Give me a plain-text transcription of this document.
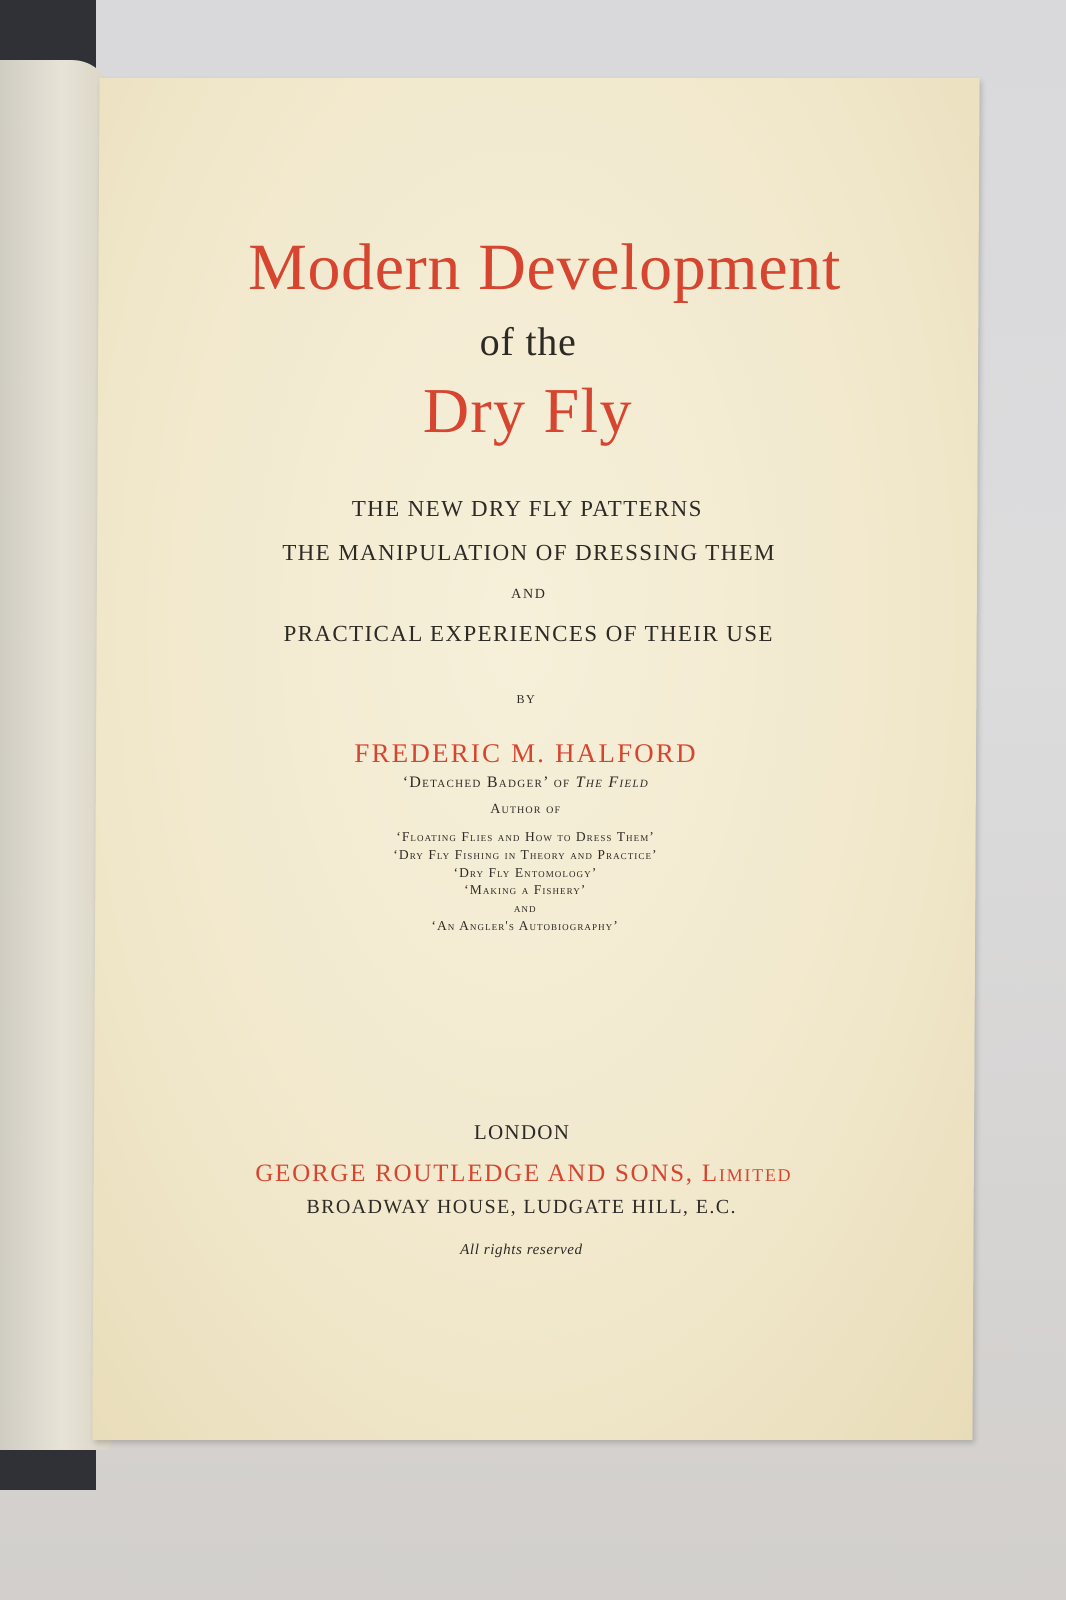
Modern Development
of the
Dry Fly
THE NEW DRY FLY PATTERNS
THE MANIPULATION OF DRESSING THEM
AND
PRACTICAL EXPERIENCES OF THEIR USE
BY
FREDERIC M. HALFORD
‘Detached Badger’ of The Field
Author of
‘Floating Flies and How to Dress Them’
‘Dry Fly Fishing in Theory and Practice’
‘Dry Fly Entomology’
‘Making a Fishery’
and
‘An Angler's Autobiography’
LONDON
GEORGE ROUTLEDGE AND SONS, Limited
BROADWAY HOUSE, LUDGATE HILL, E.C.
All rights reserved
